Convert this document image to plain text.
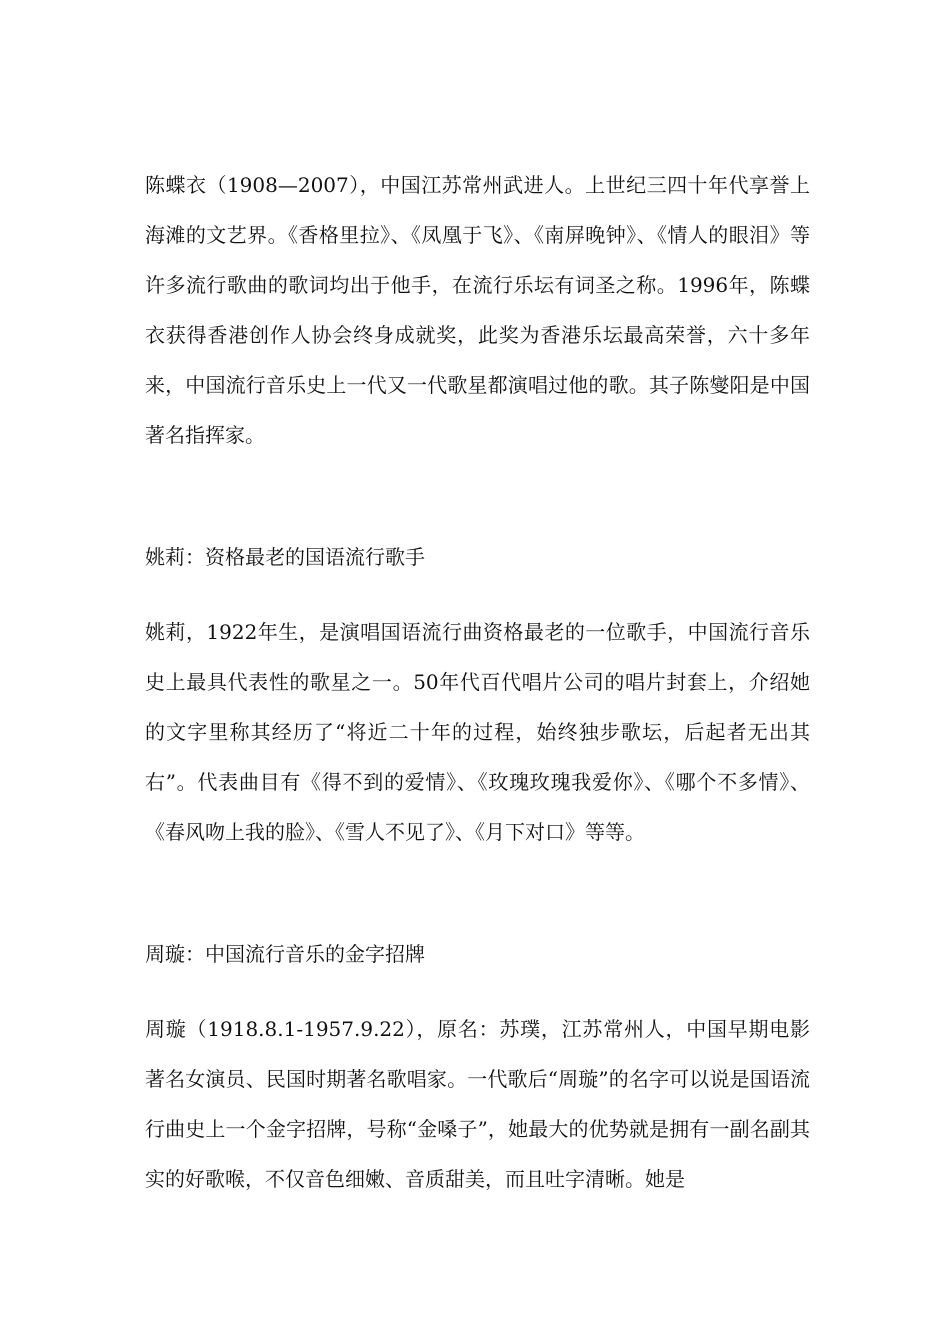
陈蝶衣（1908—2007），中国江苏常州武进人。上世纪三四十年代享誉上海滩的文艺界。《香格里拉》、《凤凰于飞》、《南屏晚钟》、《情人的眼泪》等许多流行歌曲的歌词均出于他手，在流行乐坛有词圣之称。1996年，陈蝶衣获得香港创作人协会终身成就奖，此奖为香港乐坛最高荣誉，六十多年来，中国流行音乐史上一代又一代歌星都演唱过他的歌。其子陈燮阳是中国著名指挥家。

姚莉：资格最老的国语流行歌手

姚莉，1922年生，是演唱国语流行曲资格最老的一位歌手，中国流行音乐史上最具代表性的歌星之一。50年代百代唱片公司的唱片封套上，介绍她的文字里称其经历了“将近二十年的过程，始终独步歌坛，后起者无出其右”。代表曲目有《得不到的爱情》、《玫瑰玫瑰我爱你》、《哪个不多情》、《春风吻上我的脸》、《雪人不见了》、《月下对口》等等。

周璇：中国流行音乐的金字招牌

周璇（1918.8.1-1957.9.22），原名：苏璞，江苏常州人，中国早期电影著名女演员、民国时期著名歌唱家。一代歌后“周璇”的名字可以说是国语流行曲史上一个金字招牌，号称“金嗓子”，她最大的优势就是拥有一副名副其实的好歌喉，不仅音色细嫩、音质甜美，而且吐字清晰。她是
